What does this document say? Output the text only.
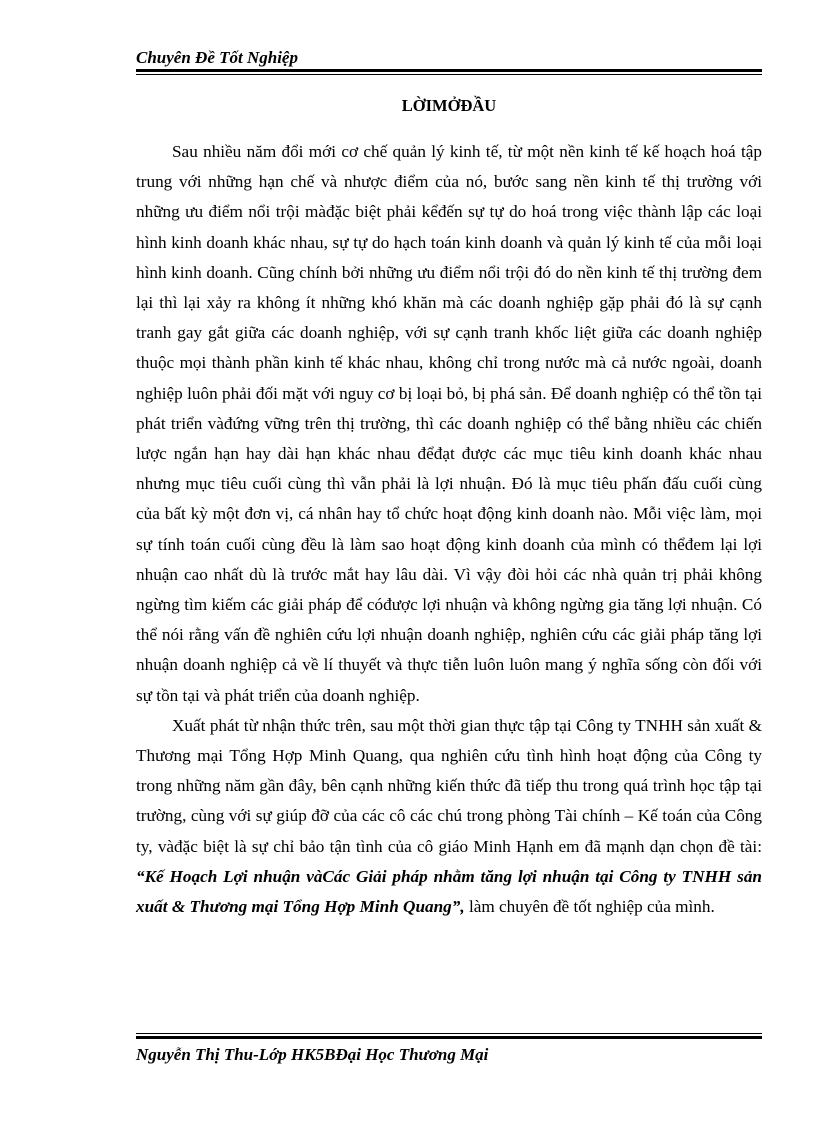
Chuyên Đề Tốt Nghiệp
LỜIMỞĐẦU

Sau nhiều năm đổi mới cơ chế quản lý kinh tế, từ một nền kinh tế kế hoạch hoá tập trung với những hạn chế và nhược điểm của nó, bước sang nền kinh tế thị trường với những ưu điểm nổi trội màđặc biệt phải kểđến sự tự do hoá trong việc thành lập các loại hình kinh doanh khác nhau, sự tự do hạch toán kinh doanh và quản lý kinh tế của mỗi loại hình kinh doanh. Cũng chính bởi những ưu điểm nổi trội đó do nền kinh tế thị trường đem lại thì lại xảy ra không ít những khó khăn mà các doanh nghiệp gặp phải đó là sự cạnh tranh gay gắt giữa các doanh nghiệp, với sự cạnh tranh khốc liệt giữa các doanh nghiệp thuộc mọi thành phần kinh tế khác nhau, không chỉ trong nước mà cả nước ngoài, doanh nghiệp luôn phải đối mặt với nguy cơ bị loại bỏ, bị phá sản. Để doanh nghiệp có thể tồn tại phát triển vàđứng vững trên thị trường, thì các doanh nghiệp có thể bằng nhiều các chiến lược ngắn hạn hay dài hạn khác nhau đểđạt được các mục tiêu kinh doanh khác nhau nhưng mục tiêu cuối cùng thì vẫn phải là lợi nhuận. Đó là mục tiêu phấn đấu cuối cùng của bất kỳ một đơn vị, cá nhân hay tổ chức hoạt động kinh doanh nào. Mỗi việc làm, mọi sự tính toán cuối cùng đều là làm sao hoạt động kinh doanh của mình có thểđem lại lợi nhuận cao nhất dù là trước mắt hay lâu dài. Vì vậy đòi hỏi các nhà quản trị phải không ngừng tìm kiếm các giải pháp để cóđược lợi nhuận và không ngừng gia tăng lợi nhuận. Có thể nói rằng vấn đề nghiên cứu lợi nhuận doanh nghiệp, nghiên cứu các giải pháp tăng lợi nhuận doanh nghiệp cả về lí thuyết và thực tiễn luôn luôn mang ý nghĩa sống còn đối với sự tồn tại và phát triển của doanh nghiệp.

Xuất phát từ nhận thức trên, sau một thời gian thực tập tại Công ty TNHH sản xuất & Thương mại Tổng Hợp Minh Quang, qua nghiên cứu tình hình hoạt động của Công ty trong những năm gần đây, bên cạnh những kiến thức đã tiếp thu trong quá trình học tập tại trường, cùng với sự giúp đỡ của các cô các chú trong phòng Tài chính – Kế toán của Công ty, vàđặc biệt là sự chỉ bảo tận tình của cô giáo Minh Hạnh em đã mạnh dạn chọn đề tài: “Kế Hoạch Lợi nhuận vàCác Giải pháp nhằm tăng lợi nhuận tại Công ty TNHH sản xuất & Thương mại Tổng Hợp Minh Quang”, làm chuyên đề tốt nghiệp của mình.

Nguyễn Thị Thu-Lớp HK5BĐại Học Thương Mại
